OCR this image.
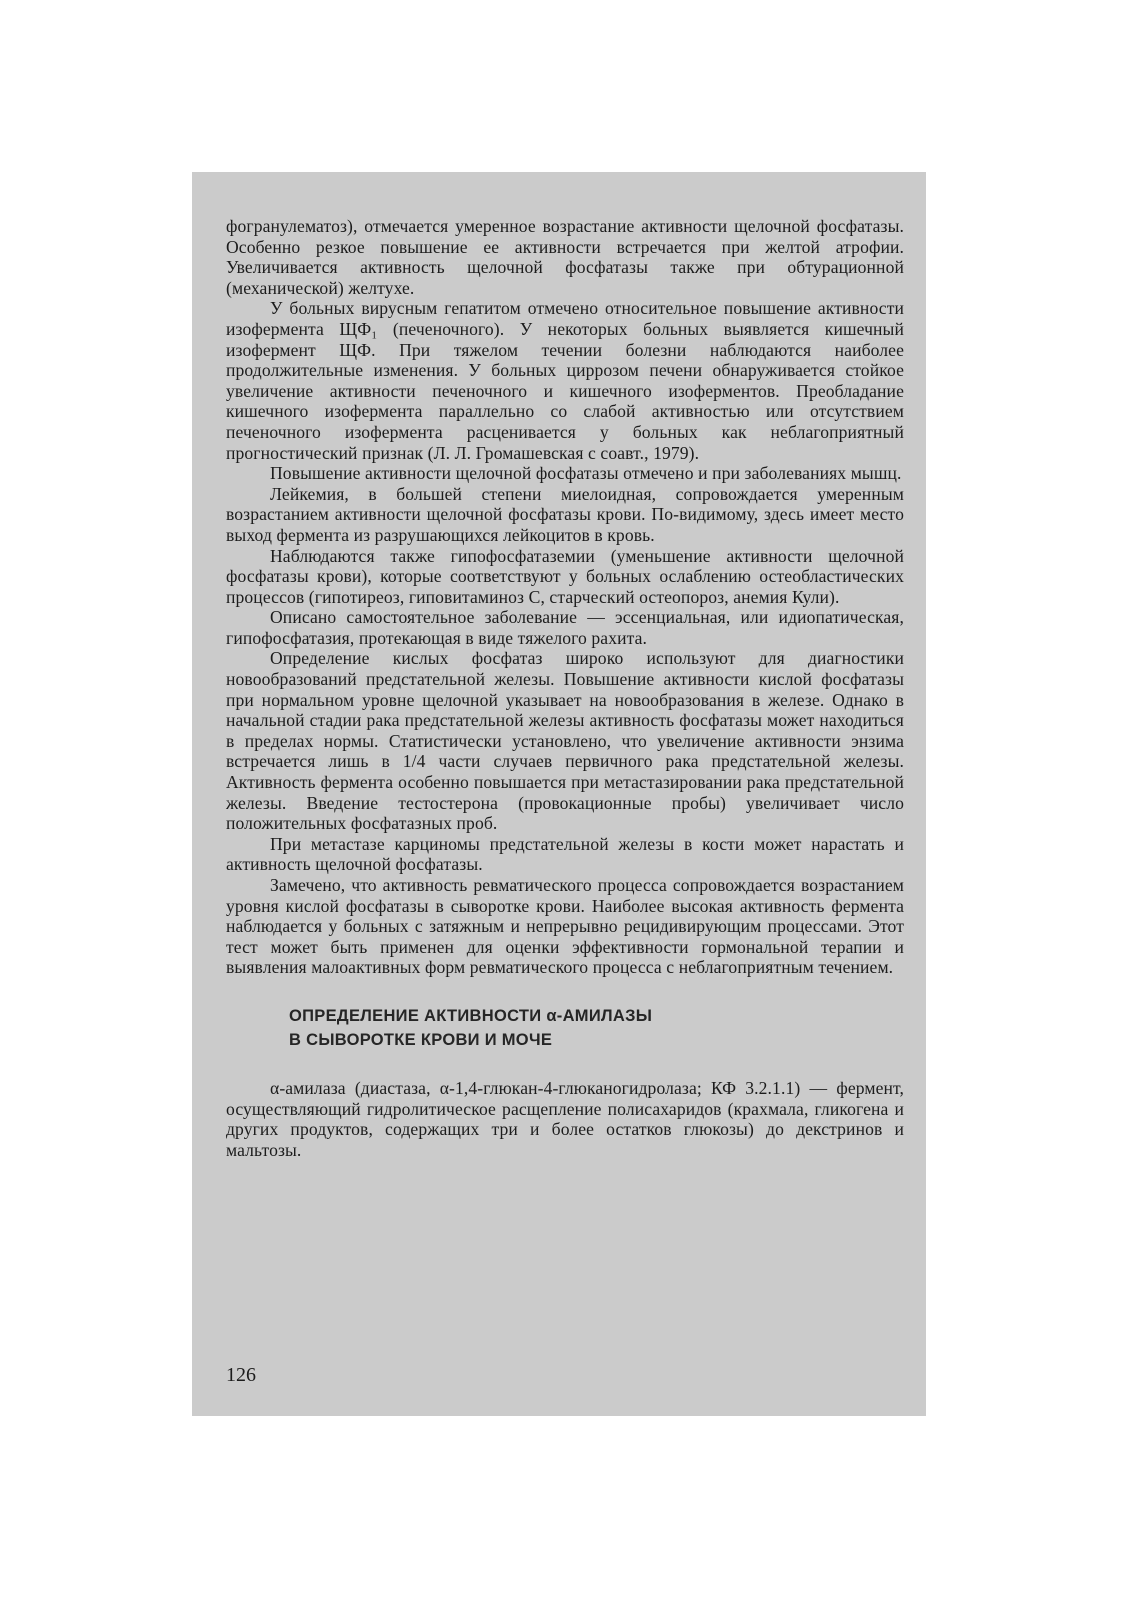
фогранулематоз), отмечается умеренное возрастание активности щелочной фосфатазы. Особенно резкое повышение ее активности встречается при желтой атрофии. Увеличивается активность щелочной фосфатазы также при обтурационной (механической) желтухе.

У больных вирусным гепатитом отмечено относительное повышение активности изофермента ЩФ₁ (печеночного). У некоторых больных выявляется кишечный изофермент ЩФ. При тяжелом течении болезни наблюдаются наиболее продолжительные изменения. У больных циррозом печени обнаруживается стойкое увеличение активности печеночного и кишечного изоферментов. Преобладание кишечного изофермента параллельно со слабой активностью или отсутствием печеночного изофермента расценивается у больных как неблагоприятный прогностический признак (Л. Л. Громашевская с соавт., 1979).

Повышение активности щелочной фосфатазы отмечено и при заболеваниях мышц.

Лейкемия, в большей степени миелоидная, сопровождается умеренным возрастанием активности щелочной фосфатазы крови. По-видимому, здесь имеет место выход фермента из разрушающихся лейкоцитов в кровь.

Наблюдаются также гипофосфатаземии (уменьшение активности щелочной фосфатазы крови), которые соответствуют у больных ослаблению остеобластических процессов (гипотиреоз, гиповитаминоз С, старческий остеопороз, анемия Кули).

Описано самостоятельное заболевание — эссенциальная, или идиопатическая, гипофосфатазия, протекающая в виде тяжелого рахита.

Определение кислых фосфатаз широко используют для диагностики новообразований предстательной железы. Повышение активности кислой фосфатазы при нормальном уровне щелочной указывает на новообразования в железе. Однако в начальной стадии рака предстательной железы активность фосфатазы может находиться в пределах нормы. Статистически установлено, что увеличение активности энзима встречается лишь в 1/4 части случаев первичного рака предстательной железы. Активность фермента особенно повышается при метастазировании рака предстательной железы. Введение тестостерона (провокационные пробы) увеличивает число положительных фосфатазных проб.

При метастазе карциномы предстательной железы в кости может нарастать и активность щелочной фосфатазы.

Замечено, что активность ревматического процесса сопровождается возрастанием уровня кислой фосфатазы в сыворотке крови. Наиболее высокая активность фермента наблюдается у больных с затяжным и непрерывно рецидивирующим процессами. Этот тест может быть применен для оценки эффективности гормональной терапии и выявления малоактивных форм ревматического процесса с неблагоприятным течением.

ОПРЕДЕЛЕНИЕ АКТИВНОСТИ α-АМИЛАЗЫ
В СЫВОРОТКЕ КРОВИ И МОЧЕ

α-амилаза (диастаза, α-1,4-глюкан-4-глюканогидролаза; КФ 3.2.1.1) — фермент, осуществляющий гидролитическое расщепление полисахаридов (крахмала, гликогена и других продуктов, содержащих три и более остатков глюкозы) до декстринов и мальтозы.

126
